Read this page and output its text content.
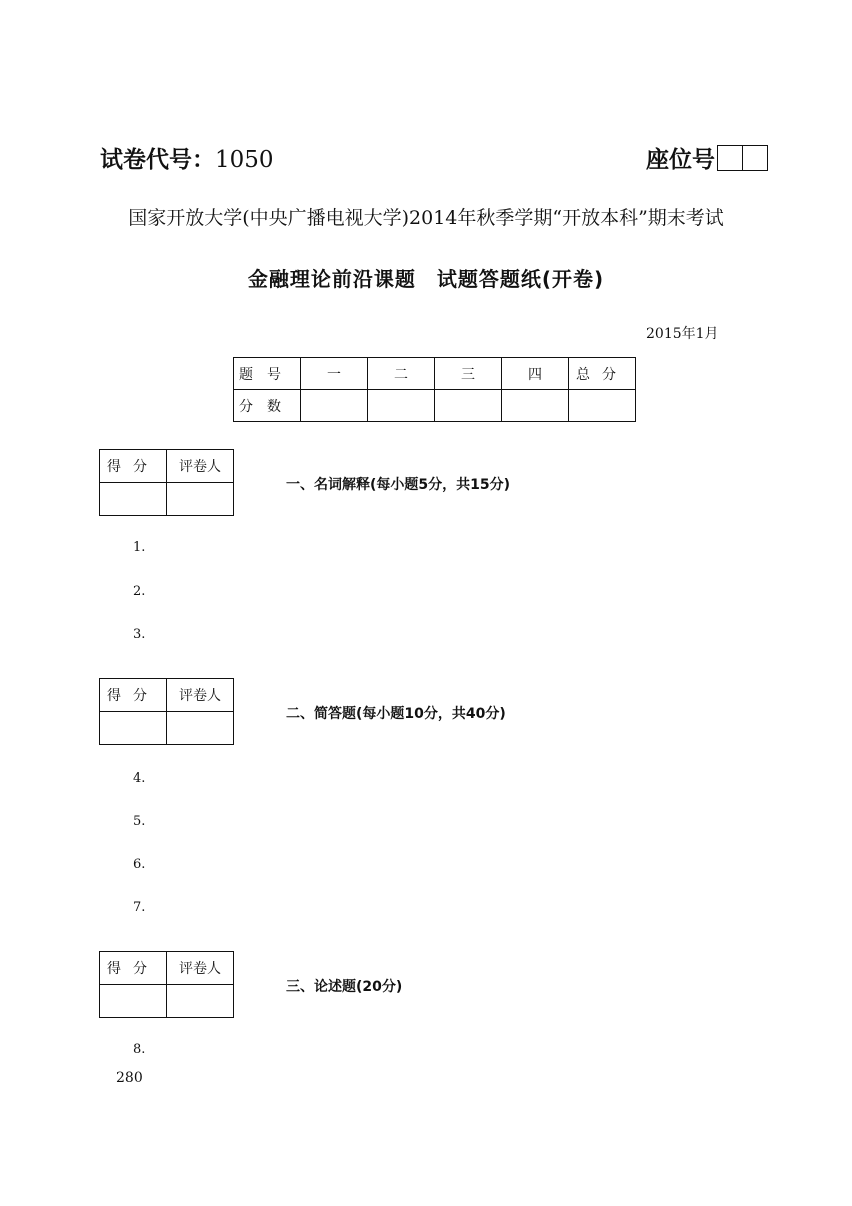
试卷代号：1050	座位号
国家开放大学(中央广播电视大学)2014年秋季学期“开放本科”期末考试
金融理论前沿课题　试题答题纸(开卷)
2015年1月
题号	一	二	三	四	总分
分数					
得分	评卷人

一、名词解释(每小题5分，共15分)
1.
2.
3.
得分	评卷人

二、简答题(每小题10分，共40分)
4.
5.
6.
7.
得分	评卷人

三、论述题(20分)
8.
280
